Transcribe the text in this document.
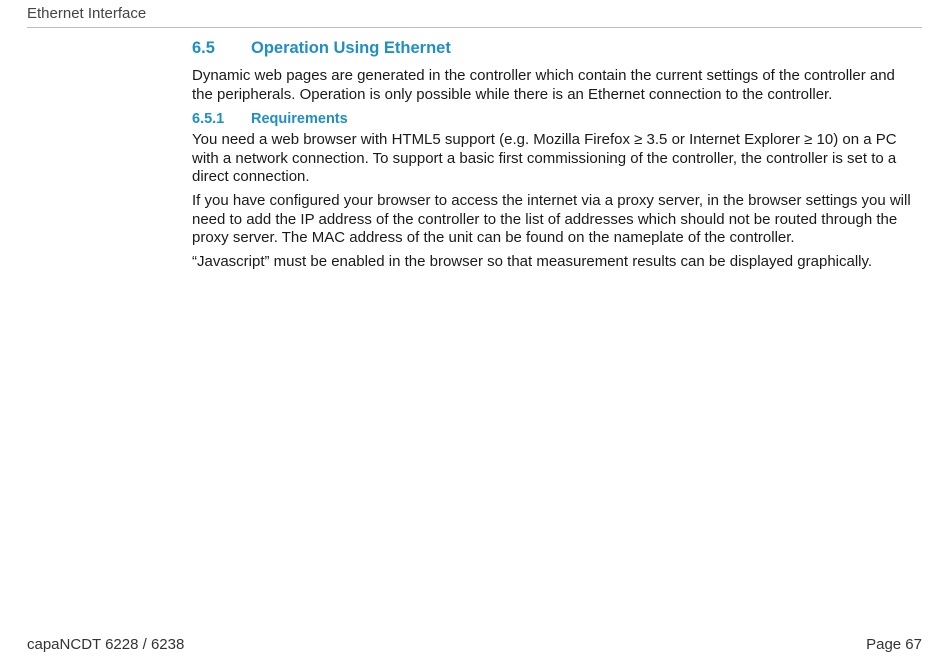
Ethernet Interface
6.5	Operation Using Ethernet

Dynamic web pages are generated in the controller which contain the current settings of the controller and the peripherals. Operation is only possible while there is an Ethernet connection to the controller.

6.5.1	Requirements

You need a web browser with HTML5 support (e.g. Mozilla Firefox ≥ 3.5 or Internet Explorer ≥ 10) on a PC with a network connection. To support a basic first commissioning of the controller, the controller is set to a direct connection.

If you have configured your browser to access the internet via a proxy server, in the browser settings you will need to add the IP address of the controller to the list of addresses which should not be routed through the proxy server. The MAC address of the unit can be found on the nameplate of the controller.

“Javascript” must be enabled in the browser so that measurement results can be displayed graphically.

capaNCDT 6228 / 6238	Page 67
